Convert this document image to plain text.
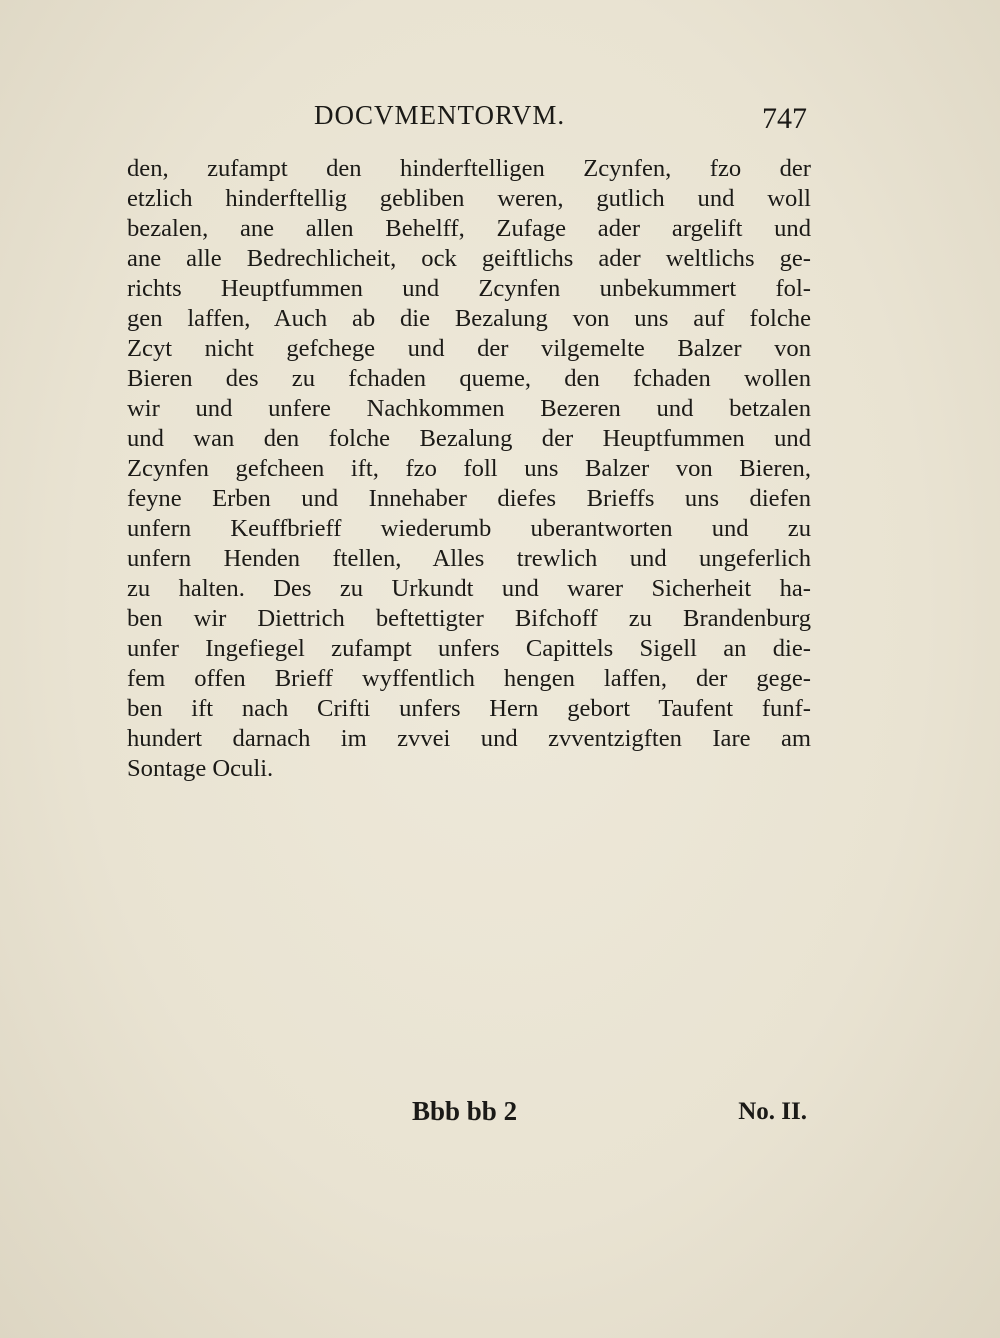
DOCVMENTORVM.	747
den, zufampt den hinderftelligen Zcynfen, fzo der
etzlich hinderftellig gebliben weren, gutlich und woll
bezalen, ane allen Behelff, Zufage ader argelift und
ane alle Bedrechlicheit, ock geiftlichs ader weltlichs ge-
richts Heuptfummen und Zcynfen unbekummert fol-
gen laffen, Auch ab die Bezalung von uns auf folche
Zcyt nicht gefchege und der vilgemelte Balzer von
Bieren des zu fchaden queme, den fchaden wollen
wir und unfere Nachkommen Bezeren und betzalen
und wan den folche Bezalung der Heuptfummen und
Zcynfen gefcheen ift, fzo foll uns Balzer von Bieren,
feyne Erben und Innehaber diefes Brieffs uns diefen
unfern Keuffbrieff wiederumb uberantworten und zu
unfern Henden ftellen, Alles trewlich und ungeferlich
zu halten. Des zu Urkundt und warer Sicherheit ha-
ben wir Diettrich beftettigter Bifchoff zu Brandenburg
unfer Ingefiegel zufampt unfers Capittels Sigell an die-
fem offen Brieff wyffentlich hengen laffen, der gege-
ben ift nach Crifti unfers Hern gebort Taufent funf-
hundert darnach im zvvei und zvventzigften Iare am
Sontage Oculi.
Bbb bb 2	No. II.
